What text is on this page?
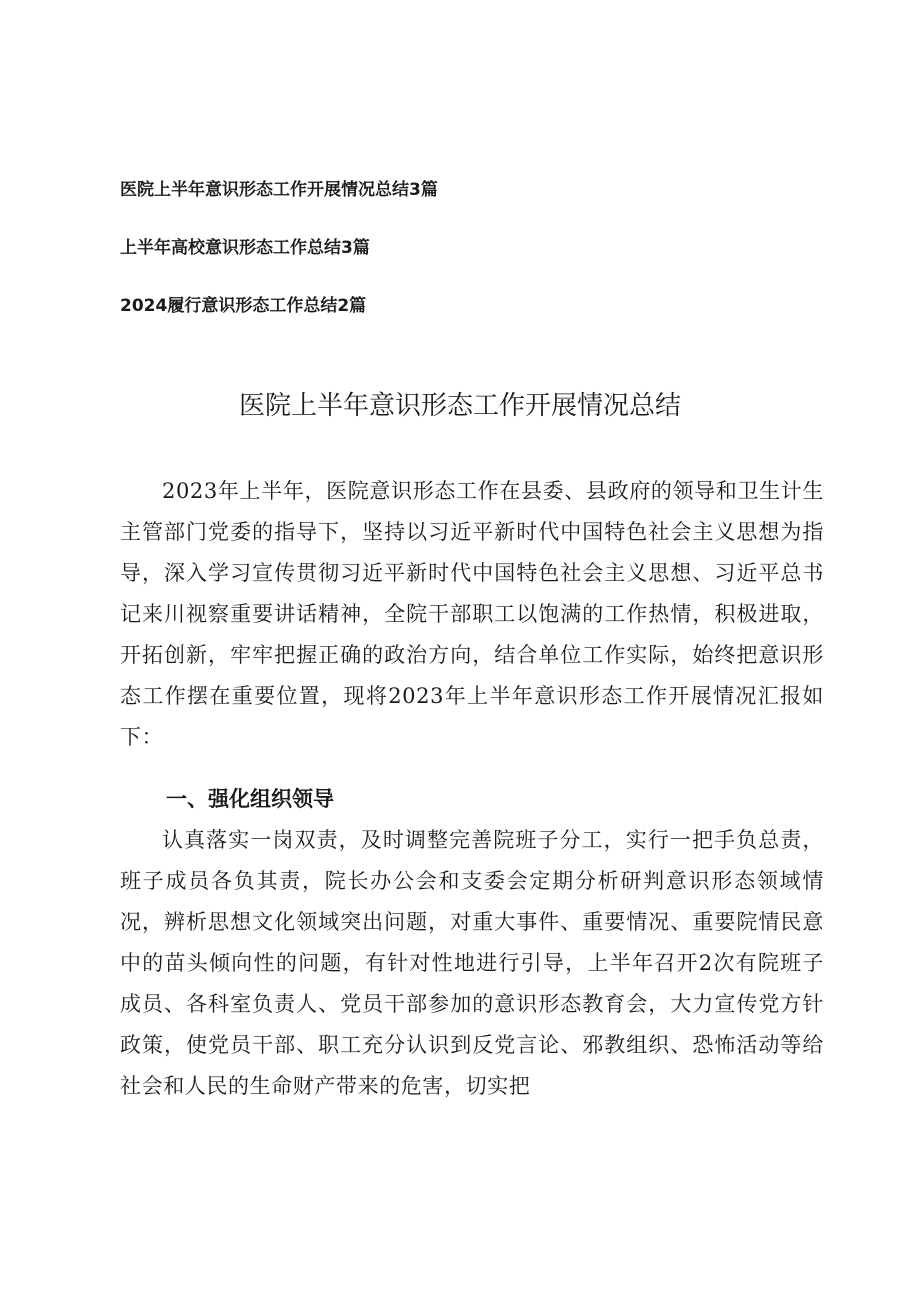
医院上半年意识形态工作开展情况总结3篇
上半年高校意识形态工作总结3篇
2024履行意识形态工作总结2篇
医院上半年意识形态工作开展情况总结
2023年上半年，医院意识形态工作在县委、县政府的领导和卫生计生主管部门党委的指导下，坚持以习近平新时代中国特色社会主义思想为指导，深入学习宣传贯彻习近平新时代中国特色社会主义思想、习近平总书记来川视察重要讲话精神，全院干部职工以饱满的工作热情，积极进取，开拓创新，牢牢把握正确的政治方向，结合单位工作实际，始终把意识形态工作摆在重要位置，现将2023年上半年意识形态工作开展情况汇报如下：
一、强化组织领导
认真落实一岗双责，及时调整完善院班子分工，实行一把手负总责，班子成员各负其责，院长办公会和支委会定期分析研判意识形态领域情况，辨析思想文化领域突出问题，对重大事件、重要情况、重要院情民意中的苗头倾向性的问题，有针对性地进行引导，上半年召开2次有院班子成员、各科室负责人、党员干部参加的意识形态教育会，大力宣传党方针政策，使党员干部、职工充分认识到反党言论、邪教组织、恐怖活动等给社会和人民的生命财产带来的危害，切实把
